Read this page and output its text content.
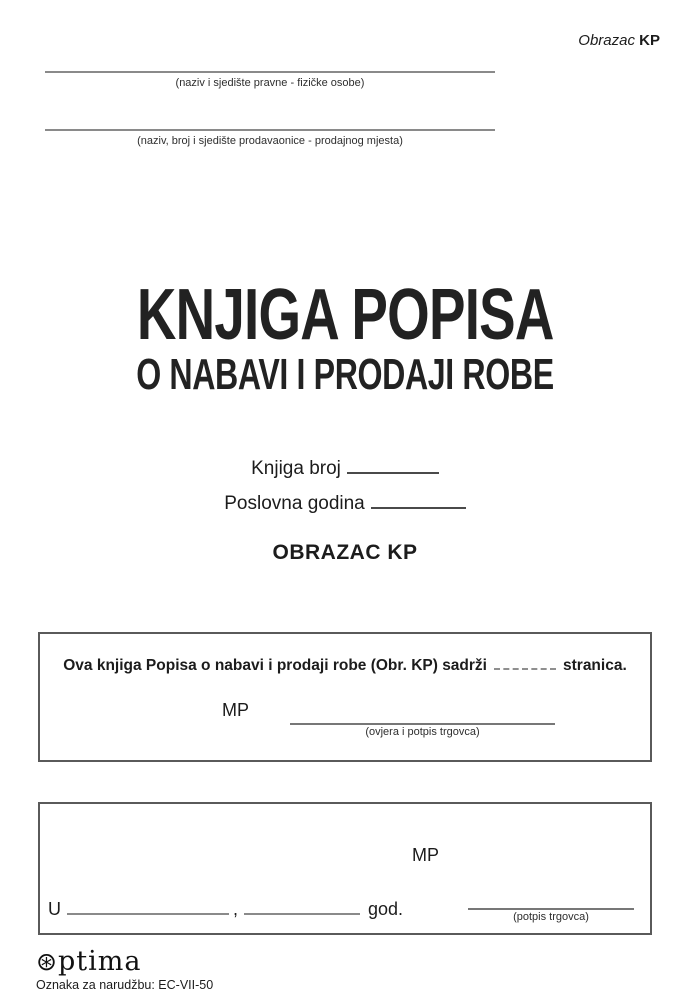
Obrazac KP
(naziv i sjedište pravne - fizičke osobe)
(naziv, broj i sjedište prodavaonice - prodajnog mjesta)
KNJIGA POPISA
O NABAVI I PRODAJI ROBE
Knjiga broj
Poslovna godina
OBRAZAC KP
Ova knjiga Popisa o nabavi i prodaji robe (Obr. KP) sadrži	stranica.
MP
(ovjera i potpis trgovca)
MP
U	,	god.	(potpis trgovca)
⊛ptima
Oznaka za narudžbu: EC-VII-50
